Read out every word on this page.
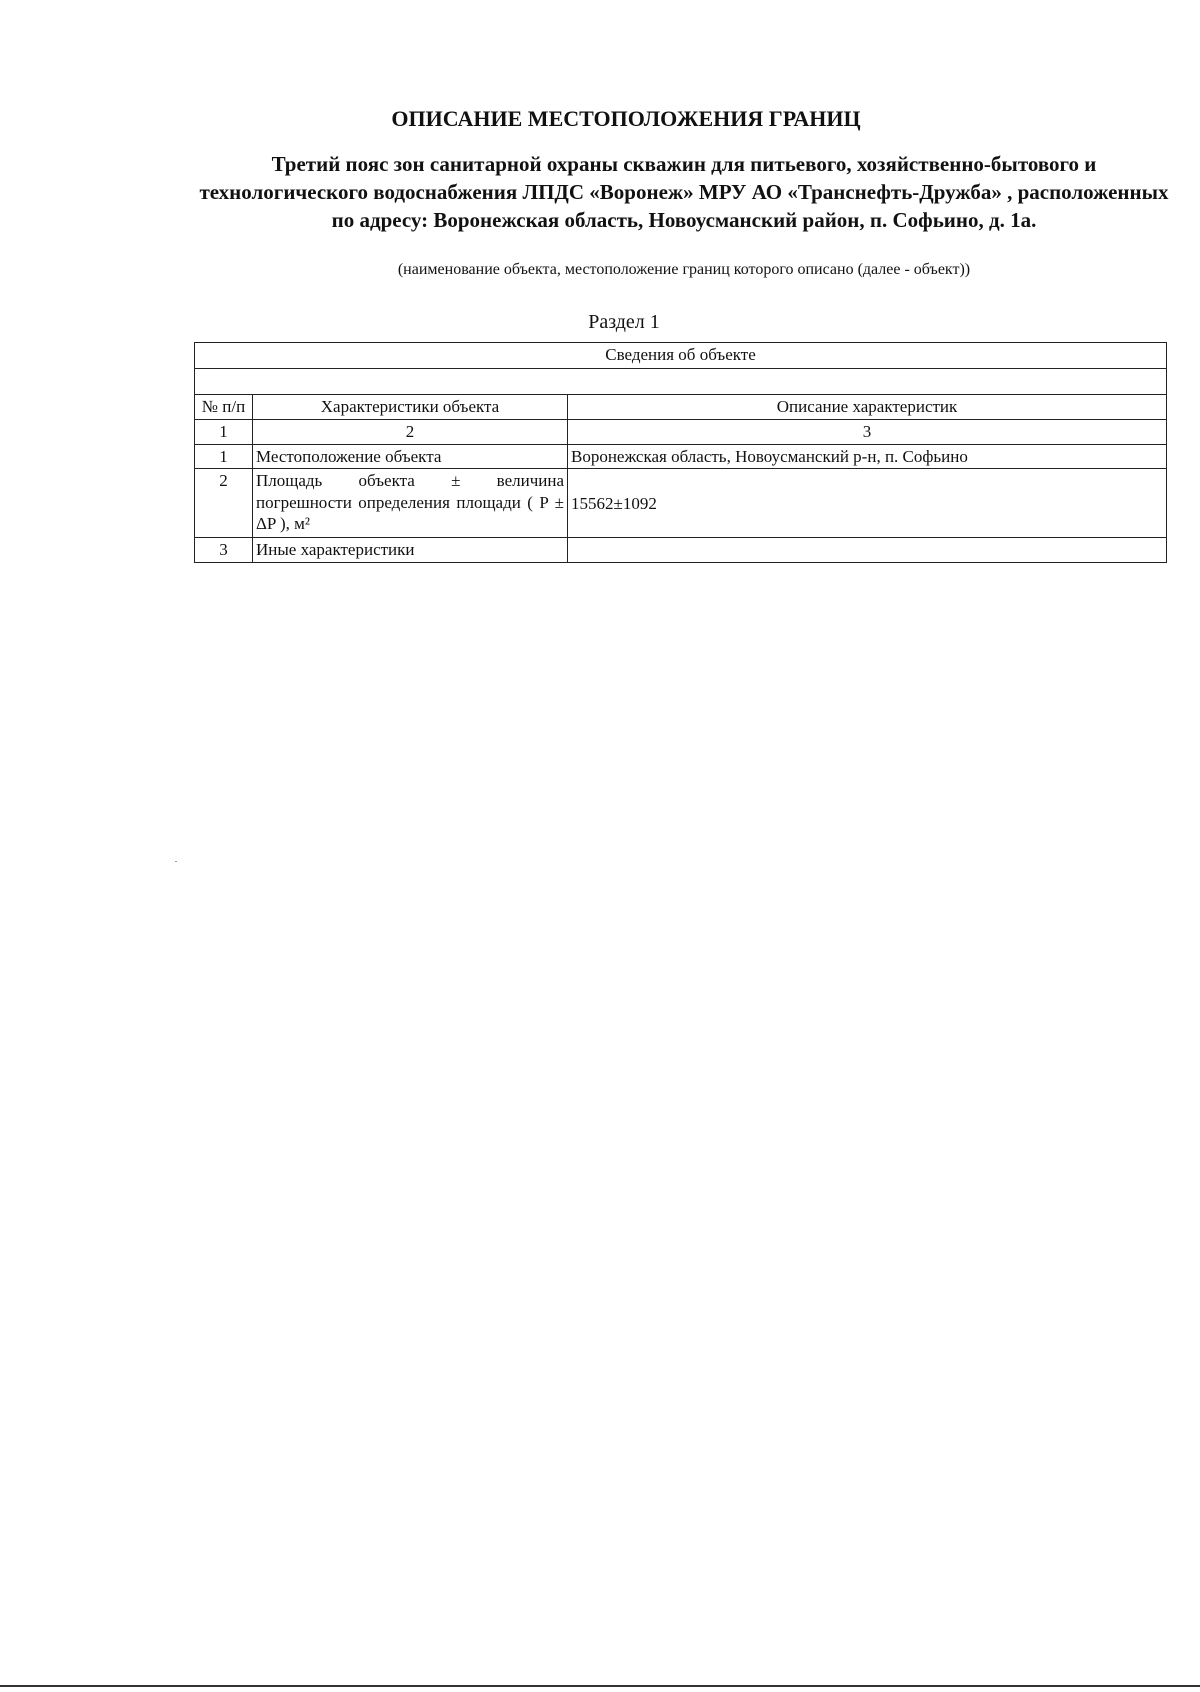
ОПИСАНИЕ МЕСТОПОЛОЖЕНИЯ ГРАНИЦ
Третий пояс зон санитарной охраны скважин для питьевого, хозяйственно-бытового и технологического водоснабжения ЛПДС «Воронеж» МРУ АО «Транснефть-Дружба» , расположенных по адресу: Воронежская область, Новоусманский район, п. Софьино, д. 1а.
(наименование объекта, местоположение границ которого описано (далее - объект))
Раздел 1
Сведения об объекте		

№ п/п	Характеристики объекта	Описание характеристик
1	2	3
1	Местоположение объекта	Воронежская область, Новоусманский р-н, п. Софьино
2	Площадь объекта ± величина погрешности определения площади ( P ± ΔP ), м²	15562±1092
3	Иные характеристики	
